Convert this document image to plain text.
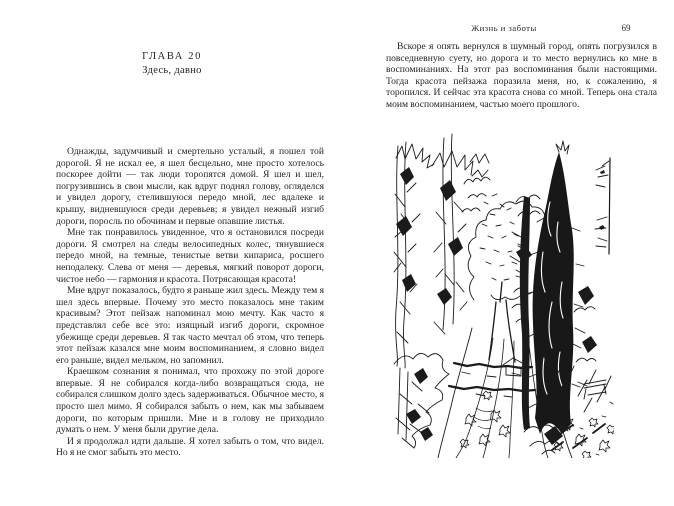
ГЛАВА 20
Здесь, давно

Однажды, задумчивый и смертельно усталый, я пошел той дорогой. Я не искал ее, я шел бесцельно, мне просто хотелось поскорее дойти — так люди торопятся домой. Я шел и шел, погрузившись в свои мысли, как вдруг поднял голову, огляделся и увидел дорогу, стелившуюся передо мной, лес вдалеке и крышу, видневшуюся среди деревьев; я увидел нежный изгиб дороги, поросль по обочинам и первые опавшие листья.

Мне так понравилось увиденное, что я остановился посреди дороги. Я смотрел на следы велосипедных колес, тянувшиеся передо мной, на темные, тенистые ветви кипариса, росшего неподалеку. Слева от меня — деревья, мягкий поворот дороги, чистое небо — гармония и красота. Потрясающая красота!

Мне вдруг показалось, будто я раньше жил здесь. Между тем я шел здесь впервые. Почему это место показалось мне таким красивым? Этот пейзаж напоминал мою мечту. Как часто я представлял себе все это: изящный изгиб дороги, скромное убежище среди деревьев. Я так часто мечтал об этом, что теперь этот пейзаж казался мне моим воспоминанием, я словно видел его раньше, видел мельком, но запомнил.

Краешком сознания я понимал, что прохожу по этой дороге впервые. Я не собирался когда-либо возвращаться сюда, не собирался слишком долго здесь задерживаться. Обычное место, я просто шел мимо. Я собирался забыть о нем, как мы забываем дороги, по которым пришли. Мне и в голову не приходило думать о нем. У меня были другие дела.

И я продолжал идти дальше. Я хотел забыть о том, что видел. Но я не смог забыть это место.

Жизнь и заботы	69

Вскоре я опять вернулся в шумный город, опять погрузился в повседневную суету, но дорога и то место вернулись ко мне в воспоминаниях. На этот раз воспоминания были настоящими. Тогда красота пейзажа поразила меня, но, к сожалению, я торопился. И сейчас эта красота снова со мной. Теперь она стала моим воспоминанием, частью моего прошлого.
